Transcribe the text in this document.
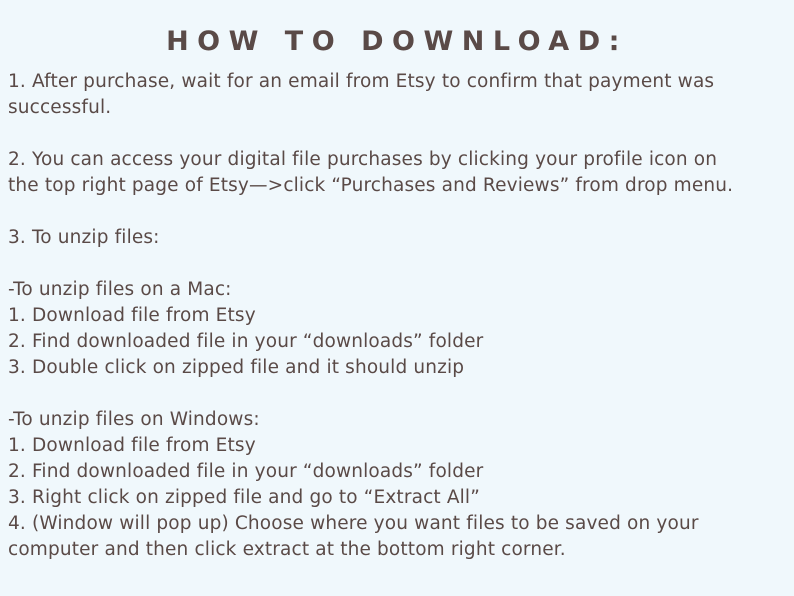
HOW TO DOWNLOAD:
1. After purchase, wait for an email from Etsy to confirm that payment was
successful.
2. You can access your digital file purchases by clicking your profile icon on
the top right page of Etsy—>click “Purchases and Reviews” from drop menu.
3. To unzip files:
-To unzip files on a Mac:
1. Download file from Etsy
2. Find downloaded file in your “downloads” folder
3. Double click on zipped file and it should unzip
-To unzip files on Windows:
1. Download file from Etsy
2. Find downloaded file in your “downloads” folder
3. Right click on zipped file and go to “Extract All”
4. (Window will pop up) Choose where you want files to be saved on your
computer and then click extract at the bottom right corner.
